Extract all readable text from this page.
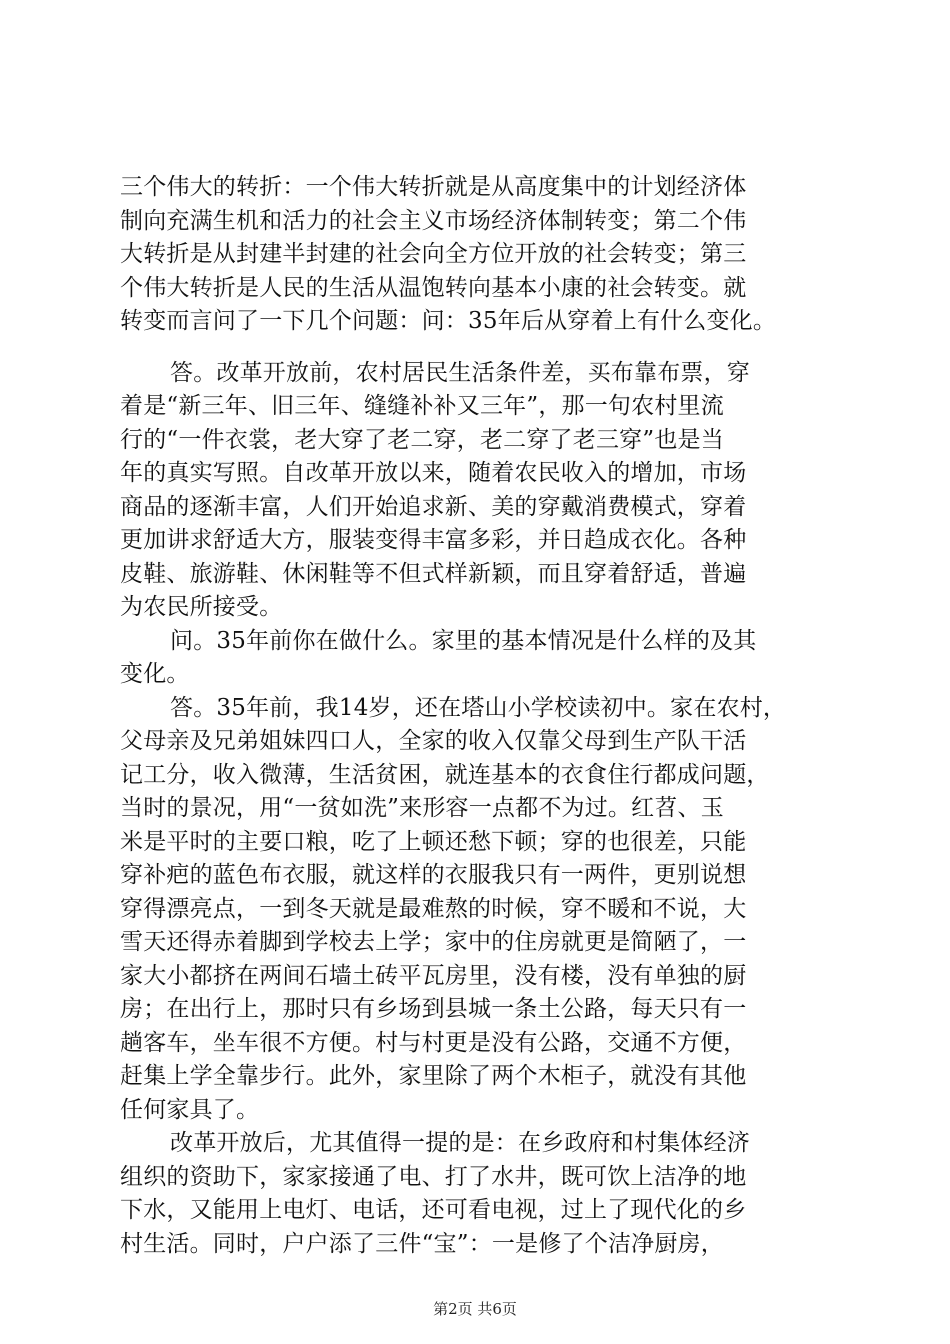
三个伟大的转折：一个伟大转折就是从高度集中的计划经济体
制向充满生机和活力的社会主义市场经济体制转变；第二个伟
大转折是从封建半封建的社会向全方位开放的社会转变；第三
个伟大转折是人民的生活从温饱转向基本小康的社会转变。就
转变而言问了一下几个问题：问：35年后从穿着上有什么变化。
答。改革开放前，农村居民生活条件差，买布靠布票，穿
着是“新三年、旧三年、缝缝补补又三年”，那一句农村里流
行的“一件衣裳，老大穿了老二穿，老二穿了老三穿”也是当
年的真实写照。自改革开放以来，随着农民收入的增加，市场
商品的逐渐丰富，人们开始追求新、美的穿戴消费模式，穿着
更加讲求舒适大方，服装变得丰富多彩，并日趋成衣化。各种
皮鞋、旅游鞋、休闲鞋等不但式样新颖，而且穿着舒适，普遍
为农民所接受。
问。35年前你在做什么。家里的基本情况是什么样的及其
变化。
答。35年前，我14岁，还在塔山小学校读初中。家在农村，
父母亲及兄弟姐妹四口人，全家的收入仅靠父母到生产队干活
记工分，收入微薄，生活贫困，就连基本的衣食住行都成问题，
当时的景况，用“一贫如洗”来形容一点都不为过。红苕、玉
米是平时的主要口粮，吃了上顿还愁下顿；穿的也很差，只能
穿补疤的蓝色布衣服，就这样的衣服我只有一两件，更别说想
穿得漂亮点，一到冬天就是最难熬的时候，穿不暖和不说，大
雪天还得赤着脚到学校去上学；家中的住房就更是简陋了，一
家大小都挤在两间石墙土砖平瓦房里，没有楼，没有单独的厨
房；在出行上，那时只有乡场到县城一条土公路，每天只有一
趟客车，坐车很不方便。村与村更是没有公路，交通不方便，
赶集上学全靠步行。此外，家里除了两个木柜子，就没有其他
任何家具了。
改革开放后，尤其值得一提的是：在乡政府和村集体经济
组织的资助下，家家接通了电、打了水井，既可饮上洁净的地
下水，又能用上电灯、电话，还可看电视，过上了现代化的乡
村生活。同时，户户添了三件“宝”：一是修了个洁净厨房，
第2页 共6页
